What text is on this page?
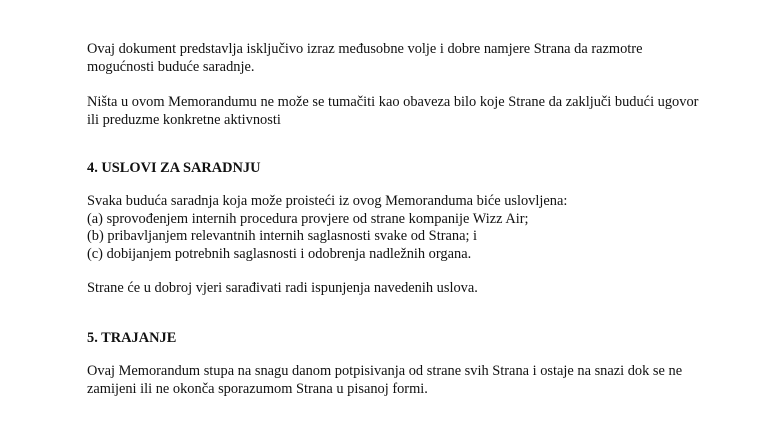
Ovaj dokument predstavlja isključivo izraz međusobne volje i dobre namjere Strana da razmotre
mogućnosti buduće saradnje.
Ništa u ovom Memorandumu ne može se tumačiti kao obaveza bilo koje Strane da zaključi budući ugovor
ili preduzme konkretne aktivnosti
4. USLOVI ZA SARADNJU
Svaka buduća saradnja koja može proisteći iz ovog Memoranduma biće uslovljena:
(a) sprovođenjem internih procedura provjere od strane kompanije Wizz Air;
(b) pribavljanjem relevantnih internih saglasnosti svake od Strana; i
(c) dobijanjem potrebnih saglasnosti i odobrenja nadležnih organa.
Strane će u dobroj vjeri sarađivati radi ispunjenja navedenih uslova.
5. TRAJANJE
Ovaj Memorandum stupa na snagu danom potpisivanja od strane svih Strana i ostaje na snazi dok se ne
zamijeni ili ne okonča sporazumom Strana u pisanoj formi.
